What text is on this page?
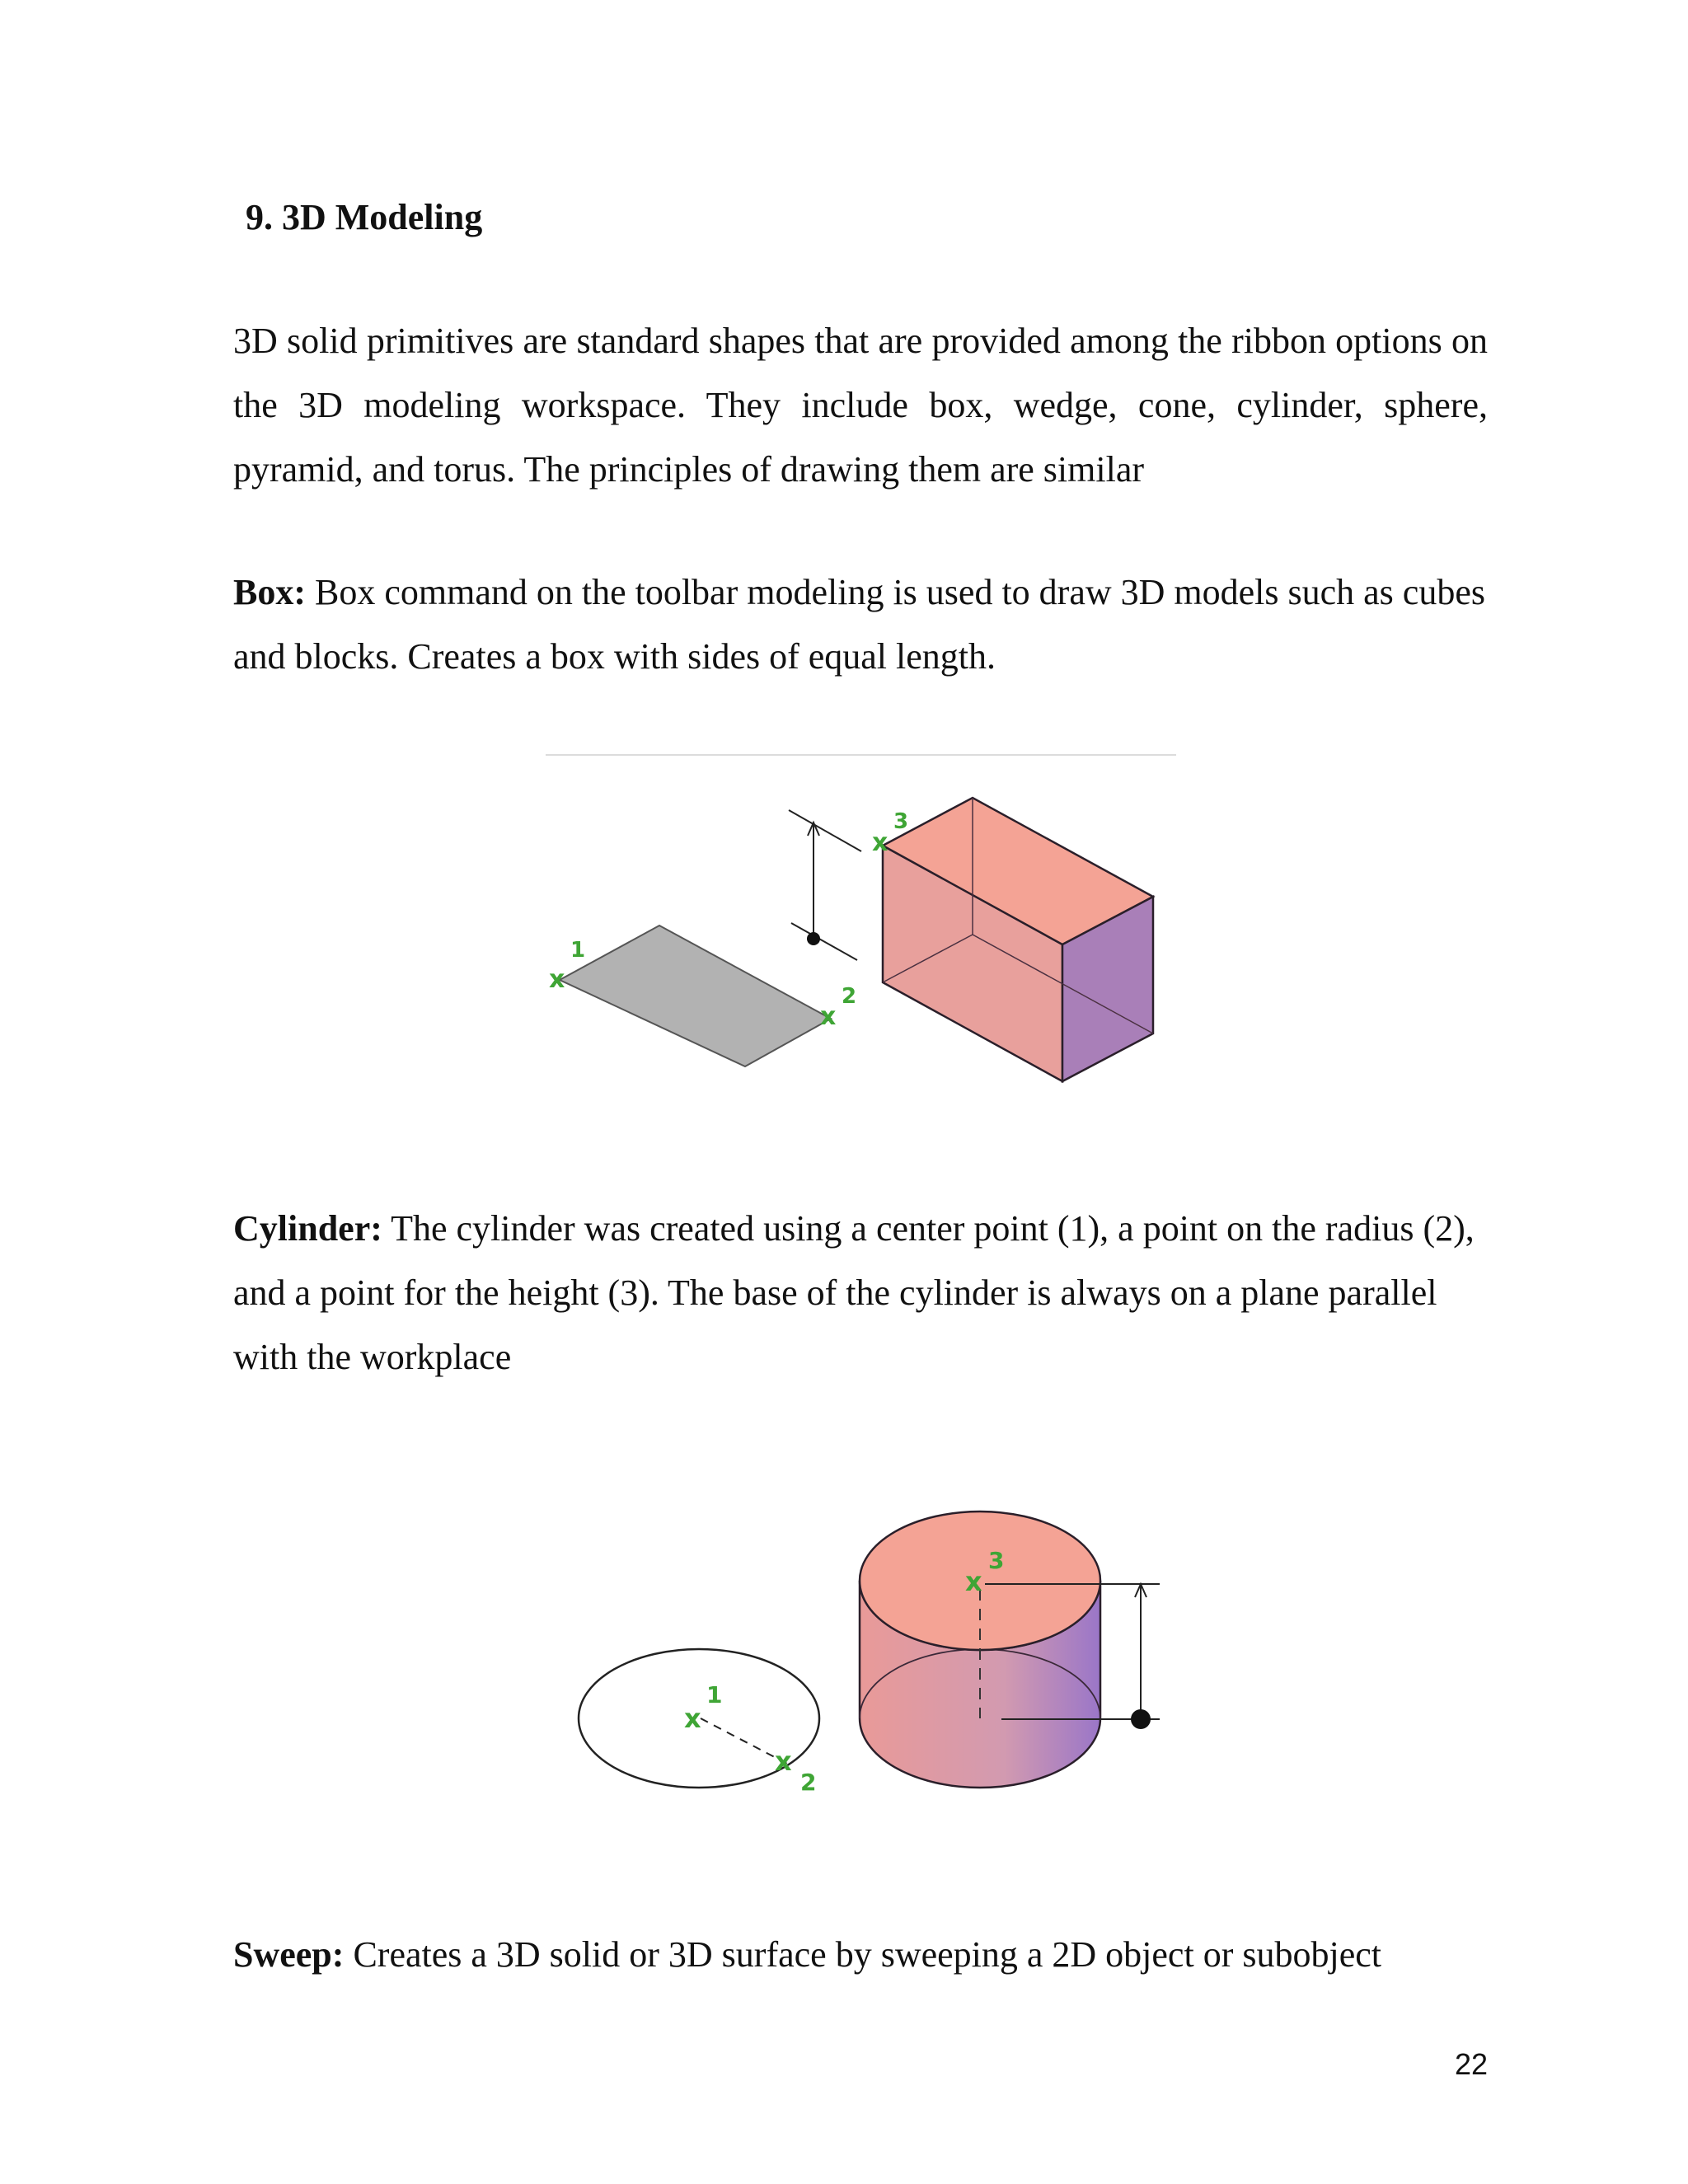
9. 3D Modeling

3D solid primitives are standard shapes that are provided among the ribbon options on the 3D modeling workspace. They include box, wedge, cone, cylinder, sphere, pyramid, and torus. The principles of drawing them are similar

Box: Box command on the toolbar modeling is used to draw 3D models such as cubes and blocks. Creates a box with sides of equal length.

x
1
x
2
x
3

Cylinder: The cylinder was created using a center point (1), a point on the radius (2), and a point for the height (3). The base of the cylinder is always on a plane parallel with the workplace

x
1
x
2
x
3

Sweep: Creates a 3D solid or 3D surface by sweeping a 2D object or subobject

22
